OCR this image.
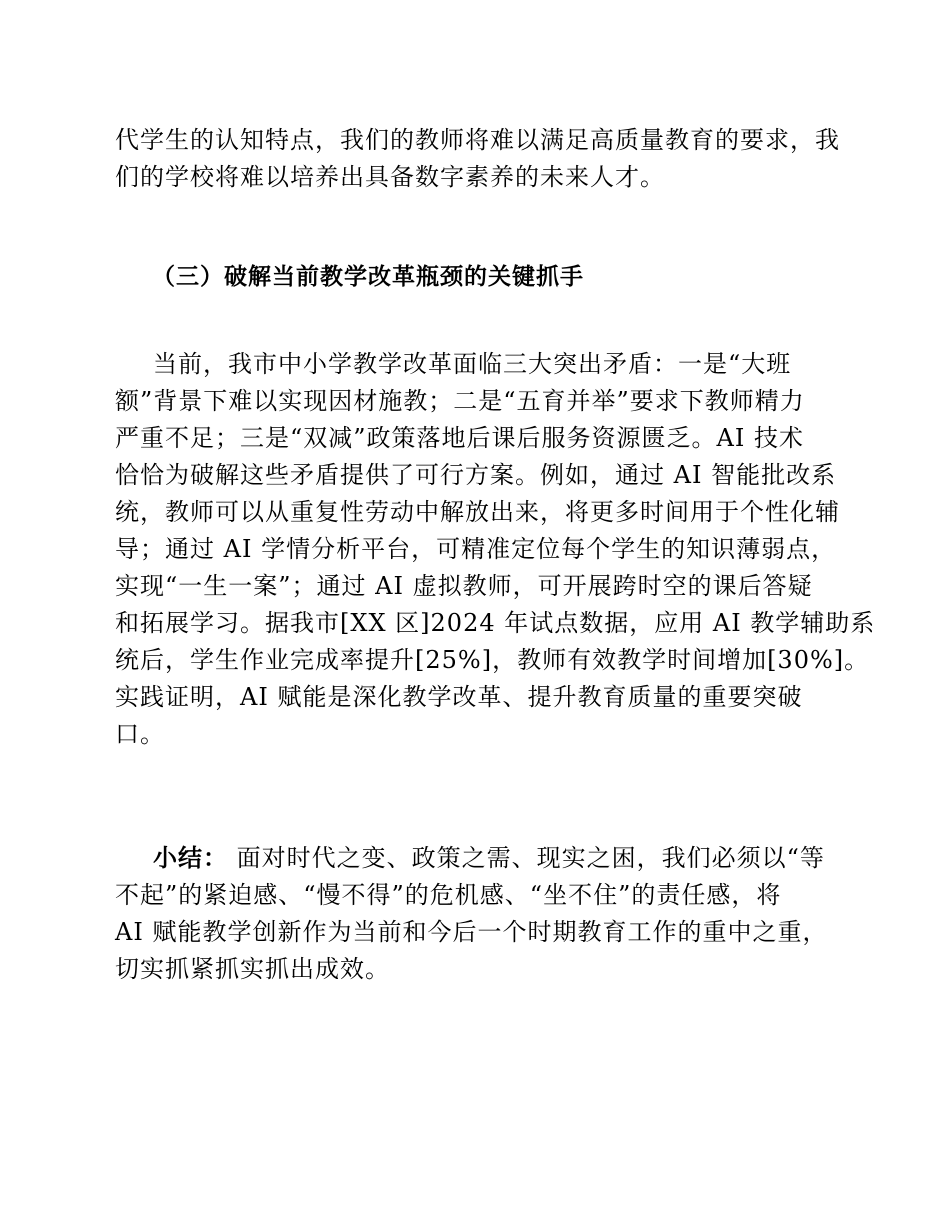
代学生的认知特点，我们的教师将难以满足高质量教育的要求，我
们的学校将难以培养出具备数字素养的未来人才。
（三）破解当前教学改革瓶颈的关键抓手
当前，我市中小学教学改革面临三大突出矛盾：一是“大班
额”背景下难以实现因材施教；二是“五育并举”要求下教师精力
严重不足；三是“双减”政策落地后课后服务资源匮乏。AI 技术
恰恰为破解这些矛盾提供了可行方案。例如，通过 AI 智能批改系
统，教师可以从重复性劳动中解放出来，将更多时间用于个性化辅
导；通过 AI 学情分析平台，可精准定位每个学生的知识薄弱点，
实现“一生一案”；通过 AI 虚拟教师，可开展跨时空的课后答疑
和拓展学习。据我市[XX 区]2024 年试点数据，应用 AI 教学辅助系
统后，学生作业完成率提升[25%]，教师有效教学时间增加[30%]。
实践证明，AI 赋能是深化教学改革、提升教育质量的重要突破
口。
小结： 面对时代之变、政策之需、现实之困，我们必须以“等
不起”的紧迫感、“慢不得”的危机感、“坐不住”的责任感，将
AI 赋能教学创新作为当前和今后一个时期教育工作的重中之重，
切实抓紧抓实抓出成效。
